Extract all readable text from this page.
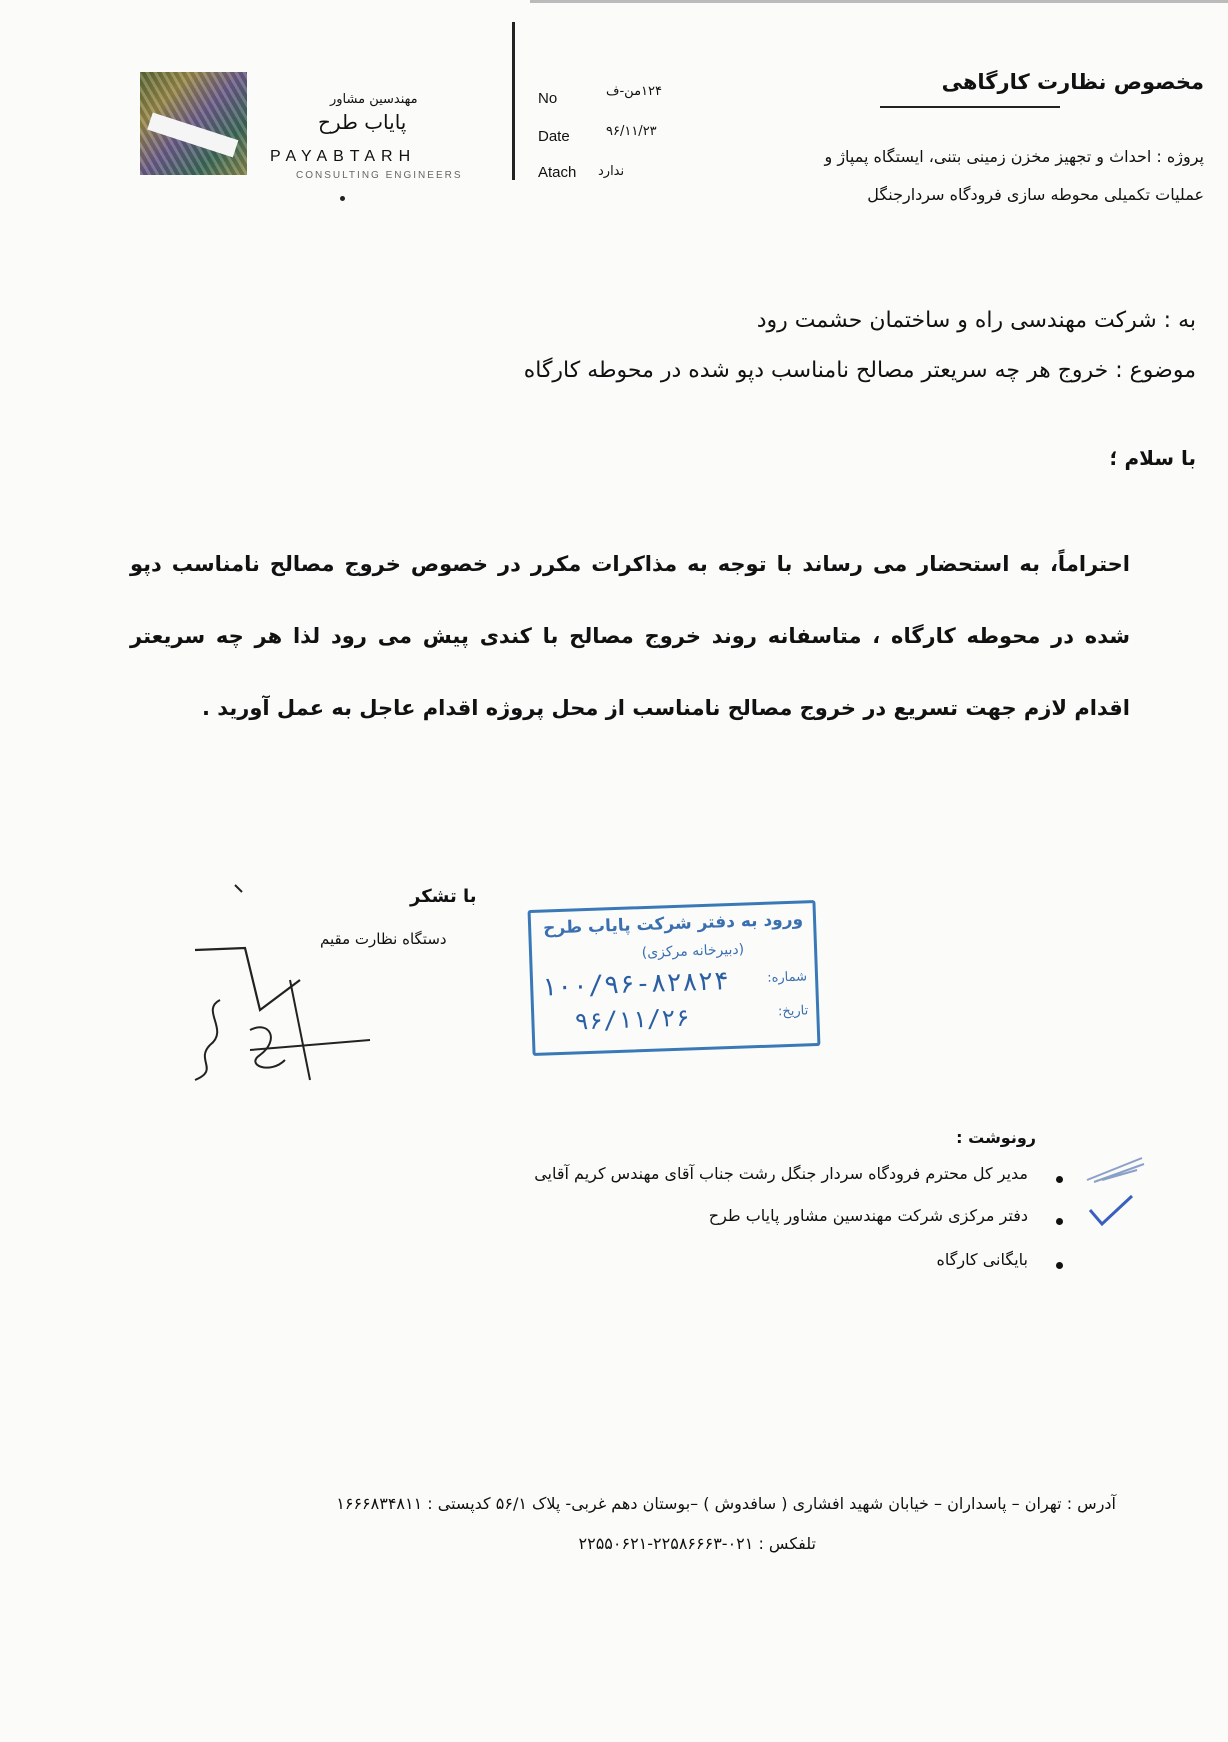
مهندسین مشاور
پایاب طرح
PAYABTARH
CONSULTING ENGINEERS
No	۱۲۴من-ف
Date	۹۶/۱۱/۲۳
Atach ندارد
مخصوص نظارت کارگاهی
پروژه : احداث و تجهیز مخزن زمینی بتنی، ایستگاه پمپاژ و
عملیات تکمیلی محوطه سازی فرودگاه سردارجنگل
به : شرکت مهندسی راه و ساختمان حشمت رود
موضوع : خروج هر چه سریعتر مصالح نامناسب دپو شده در محوطه کارگاه
با سلام ؛
احتراماً، به استحضار می رساند با توجه به مذاکرات مکرر در خصوص خروج مصالح نامناسب دپو شده در محوطه کارگاه ، متاسفانه روند خروج مصالح با کندی پیش می رود لذا هر چه سریعتر اقدام لازم جهت تسریع در خروج مصالح نامناسب از محل پروژه اقدام عاجل به عمل آورید .
با تشکر
دستگاه نظارت مقیم
ورود به دفتر شرکت پایاب طرح
(دبیرخانه مرکزی)
شماره:
تاریخ:
۱۰۰/۹۶-۸۲۸۲۴
۹۶/۱۱/۲۶
رونوشت :
مدیر کل محترم فرودگاه سردار جنگل رشت جناب آقای مهندس کریم آقایی
دفتر مرکزی شرکت مهندسین مشاور پایاب طرح
بایگانی کارگاه
آدرس : تهران – پاسداران – خیابان شهید افشاری ( سافدوش ) –بوستان دهم غربی- پلاک ۵۶/۱ کدپستی : ۱۶۶۶۸۳۴۸۱۱
تلفکس : ۰۲۱-۲۲۵۸۶۶۶۳-۲۲۵۵۰۶۲۱
